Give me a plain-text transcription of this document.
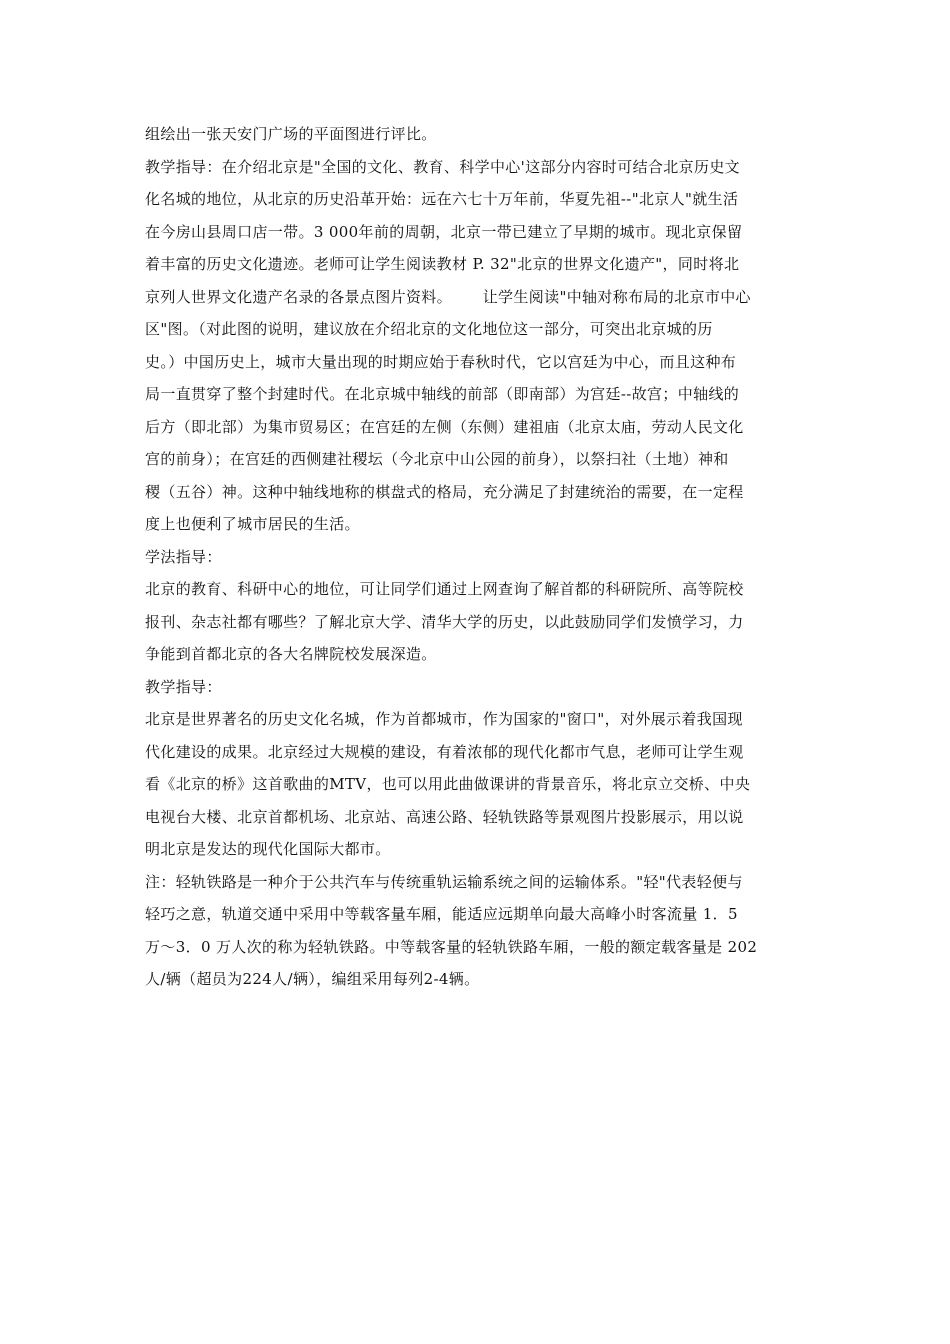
组绘出一张天安门广场的平面图进行评比。
教学指导：在介绍北京是"全国的文化、教育、科学中心'这部分内容时可结合北京历史文
化名城的地位，从北京的历史沿革开始：远在六七十万年前，华夏先祖--"北京人"就生活
在今房山县周口店一带。3 000年前的周朝，北京一带已建立了早期的城市。现北京保留
着丰富的历史文化遗迹。老师可让学生阅读教材 P. 32"北京的世界文化遗产"，同时将北
京列人世界文化遗产名录的各景点图片资料。      让学生阅读"中轴对称布局的北京市中心
区"图。（对此图的说明，建议放在介绍北京的文化地位这一部分，可突出北京城的历
史。）中国历史上，城市大量出现的时期应始于春秋时代，它以宫廷为中心，而且这种布
局一直贯穿了整个封建时代。在北京城中轴线的前部（即南部）为宫廷--故宫；中轴线的
后方（即北部）为集市贸易区；在宫廷的左侧（东侧）建祖庙（北京太庙，劳动人民文化
宫的前身）；在宫廷的西侧建社稷坛（今北京中山公园的前身），以祭扫社（土地）神和
稷（五谷）神。这种中轴线地称的棋盘式的格局，充分满足了封建统治的需要，在一定程
度上也便利了城市居民的生活。
学法指导：
北京的教育、科研中心的地位，可让同学们通过上网查询了解首都的科研院所、高等院校
报刊、杂志社都有哪些？了解北京大学、清华大学的历史，以此鼓励同学们发愤学习，力
争能到首都北京的各大名牌院校发展深造。
教学指导：
北京是世界著名的历史文化名城，作为首都城市，作为国家的"窗口"，对外展示着我国现
代化建设的成果。北京经过大规模的建设，有着浓郁的现代化都市气息，老师可让学生观
看《北京的桥》这首歌曲的MTV，也可以用此曲做课讲的背景音乐，将北京立交桥、中央
电视台大楼、北京首都机场、北京站、高速公路、轻轨铁路等景观图片投影展示，用以说
明北京是发达的现代化国际大都市。
注：轻轨铁路是一种介于公共汽车与传统重轨运输系统之间的运输体系。"轻"代表轻便与
轻巧之意，轨道交通中采用中等载客量车厢，能适应远期单向最大高峰小时客流量 1．5
万～3．0 万人次的称为轻轨铁路。中等载客量的轻轨铁路车厢，一般的额定载客量是 202
人/辆（超员为224人/辆），编组采用每列2-4辆。
